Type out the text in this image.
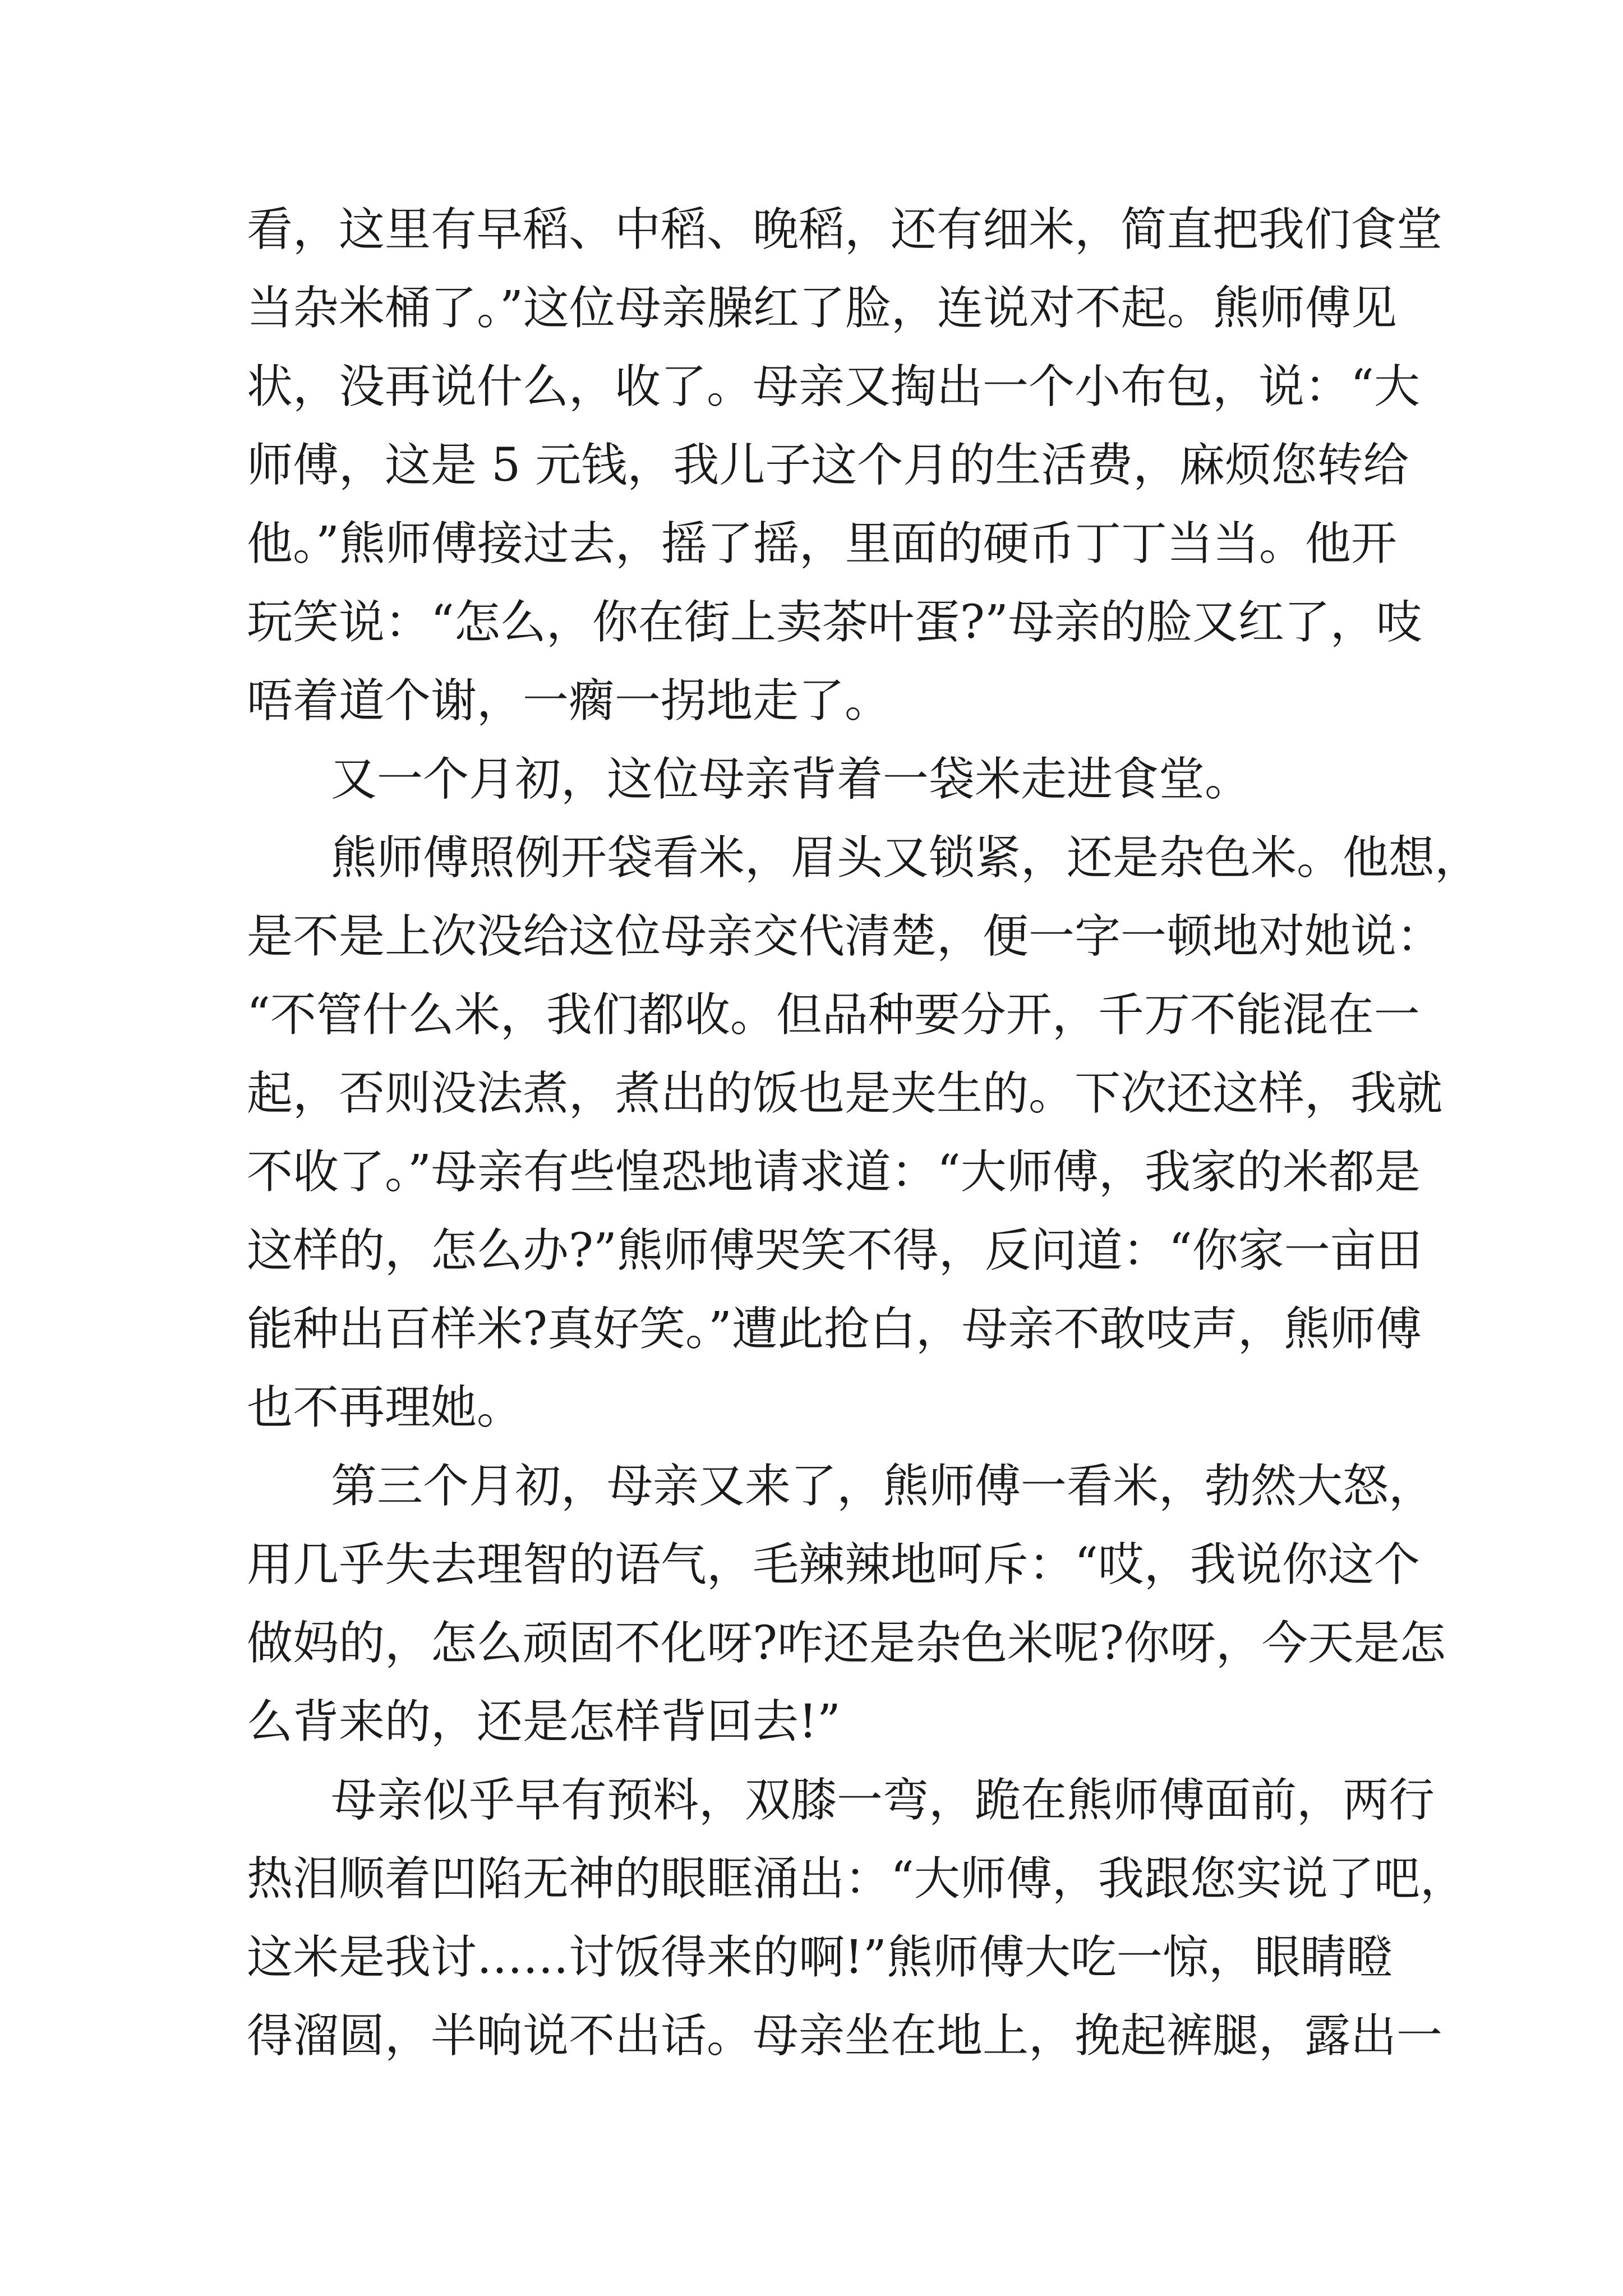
看，这里有早稻、中稻、晚稻，还有细米，简直把我们食堂
当杂米桶了。”这位母亲臊红了脸，连说对不起。熊师傅见
状，没再说什么，收了。母亲又掏出一个小布包，说：“大
师傅，这是 5 元钱，我儿子这个月的生活费，麻烦您转给
他。”熊师傅接过去，摇了摇，里面的硬币丁丁当当。他开
玩笑说：“怎么，你在街上卖茶叶蛋?”母亲的脸又红了，吱
唔着道个谢，一瘸一拐地走了。
又一个月初，这位母亲背着一袋米走进食堂。
熊师傅照例开袋看米，眉头又锁紧，还是杂色米。他想，
是不是上次没给这位母亲交代清楚，便一字一顿地对她说：
“不管什么米，我们都收。但品种要分开，千万不能混在一
起，否则没法煮，煮出的饭也是夹生的。下次还这样，我就
不收了。”母亲有些惶恐地请求道：“大师傅，我家的米都是
这样的，怎么办?”熊师傅哭笑不得，反问道：“你家一亩田
能种出百样米?真好笑。”遭此抢白，母亲不敢吱声，熊师傅
也不再理她。
第三个月初，母亲又来了，熊师傅一看米，勃然大怒，
用几乎失去理智的语气，毛辣辣地呵斥：“哎，我说你这个
做妈的，怎么顽固不化呀?咋还是杂色米呢?你呀，今天是怎
么背来的，还是怎样背回去!”
母亲似乎早有预料，双膝一弯，跪在熊师傅面前，两行
热泪顺着凹陷无神的眼眶涌出：“大师傅，我跟您实说了吧，
这米是我讨……讨饭得来的啊!”熊师傅大吃一惊，眼睛瞪
得溜圆，半晌说不出话。母亲坐在地上，挽起裤腿，露出一
